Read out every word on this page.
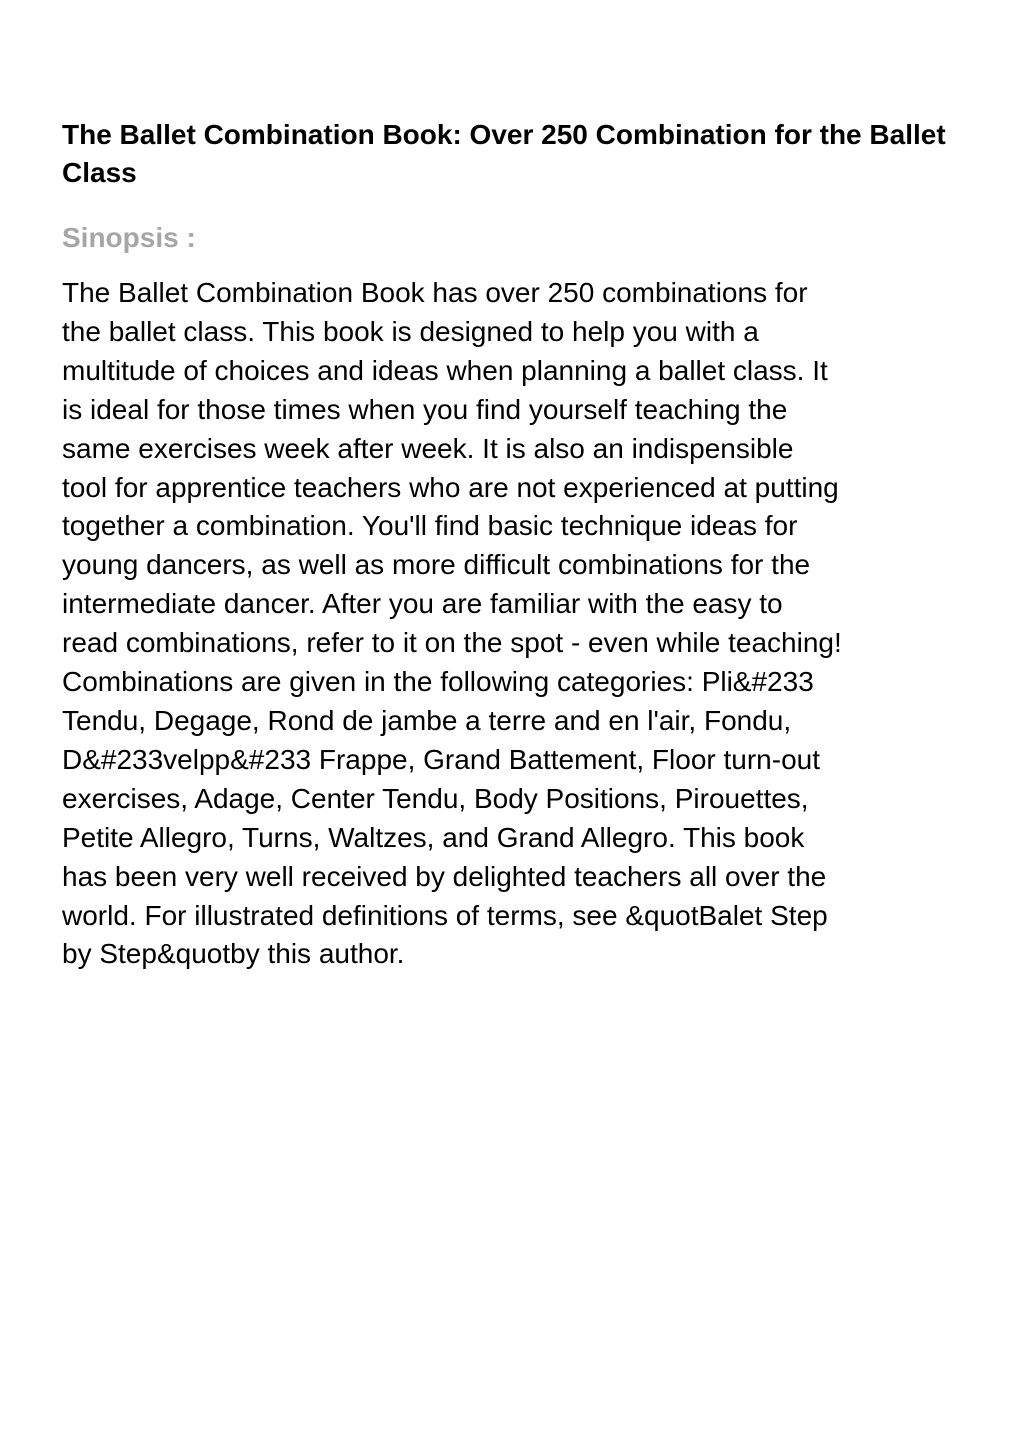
The Ballet Combination Book: Over 250 Combination for the Ballet Class
Sinopsis :
The Ballet Combination Book has over 250 combinations for
the ballet class. This book is designed to help you with a
multitude of choices and ideas when planning a ballet class. It
is ideal for those times when you find yourself teaching the
same exercises week after week. It is also an indispensible
tool for apprentice teachers who are not experienced at putting
together a combination. You'll find basic technique ideas for
young dancers, as well as more difficult combinations for the
intermediate dancer. After you are familiar with the easy to
read combinations, refer to it on the spot - even while teaching!
Combinations are given in the following categories: Pli&#233
Tendu, Degage, Rond de jambe a terre and en l'air, Fondu,
D&#233velpp&#233 Frappe, Grand Battement, Floor turn-out
exercises, Adage, Center Tendu, Body Positions, Pirouettes,
Petite Allegro, Turns, Waltzes, and Grand Allegro. This book
has been very well received by delighted teachers all over the
world. For illustrated definitions of terms, see &quotBalet Step
by Step&quotby this author.
